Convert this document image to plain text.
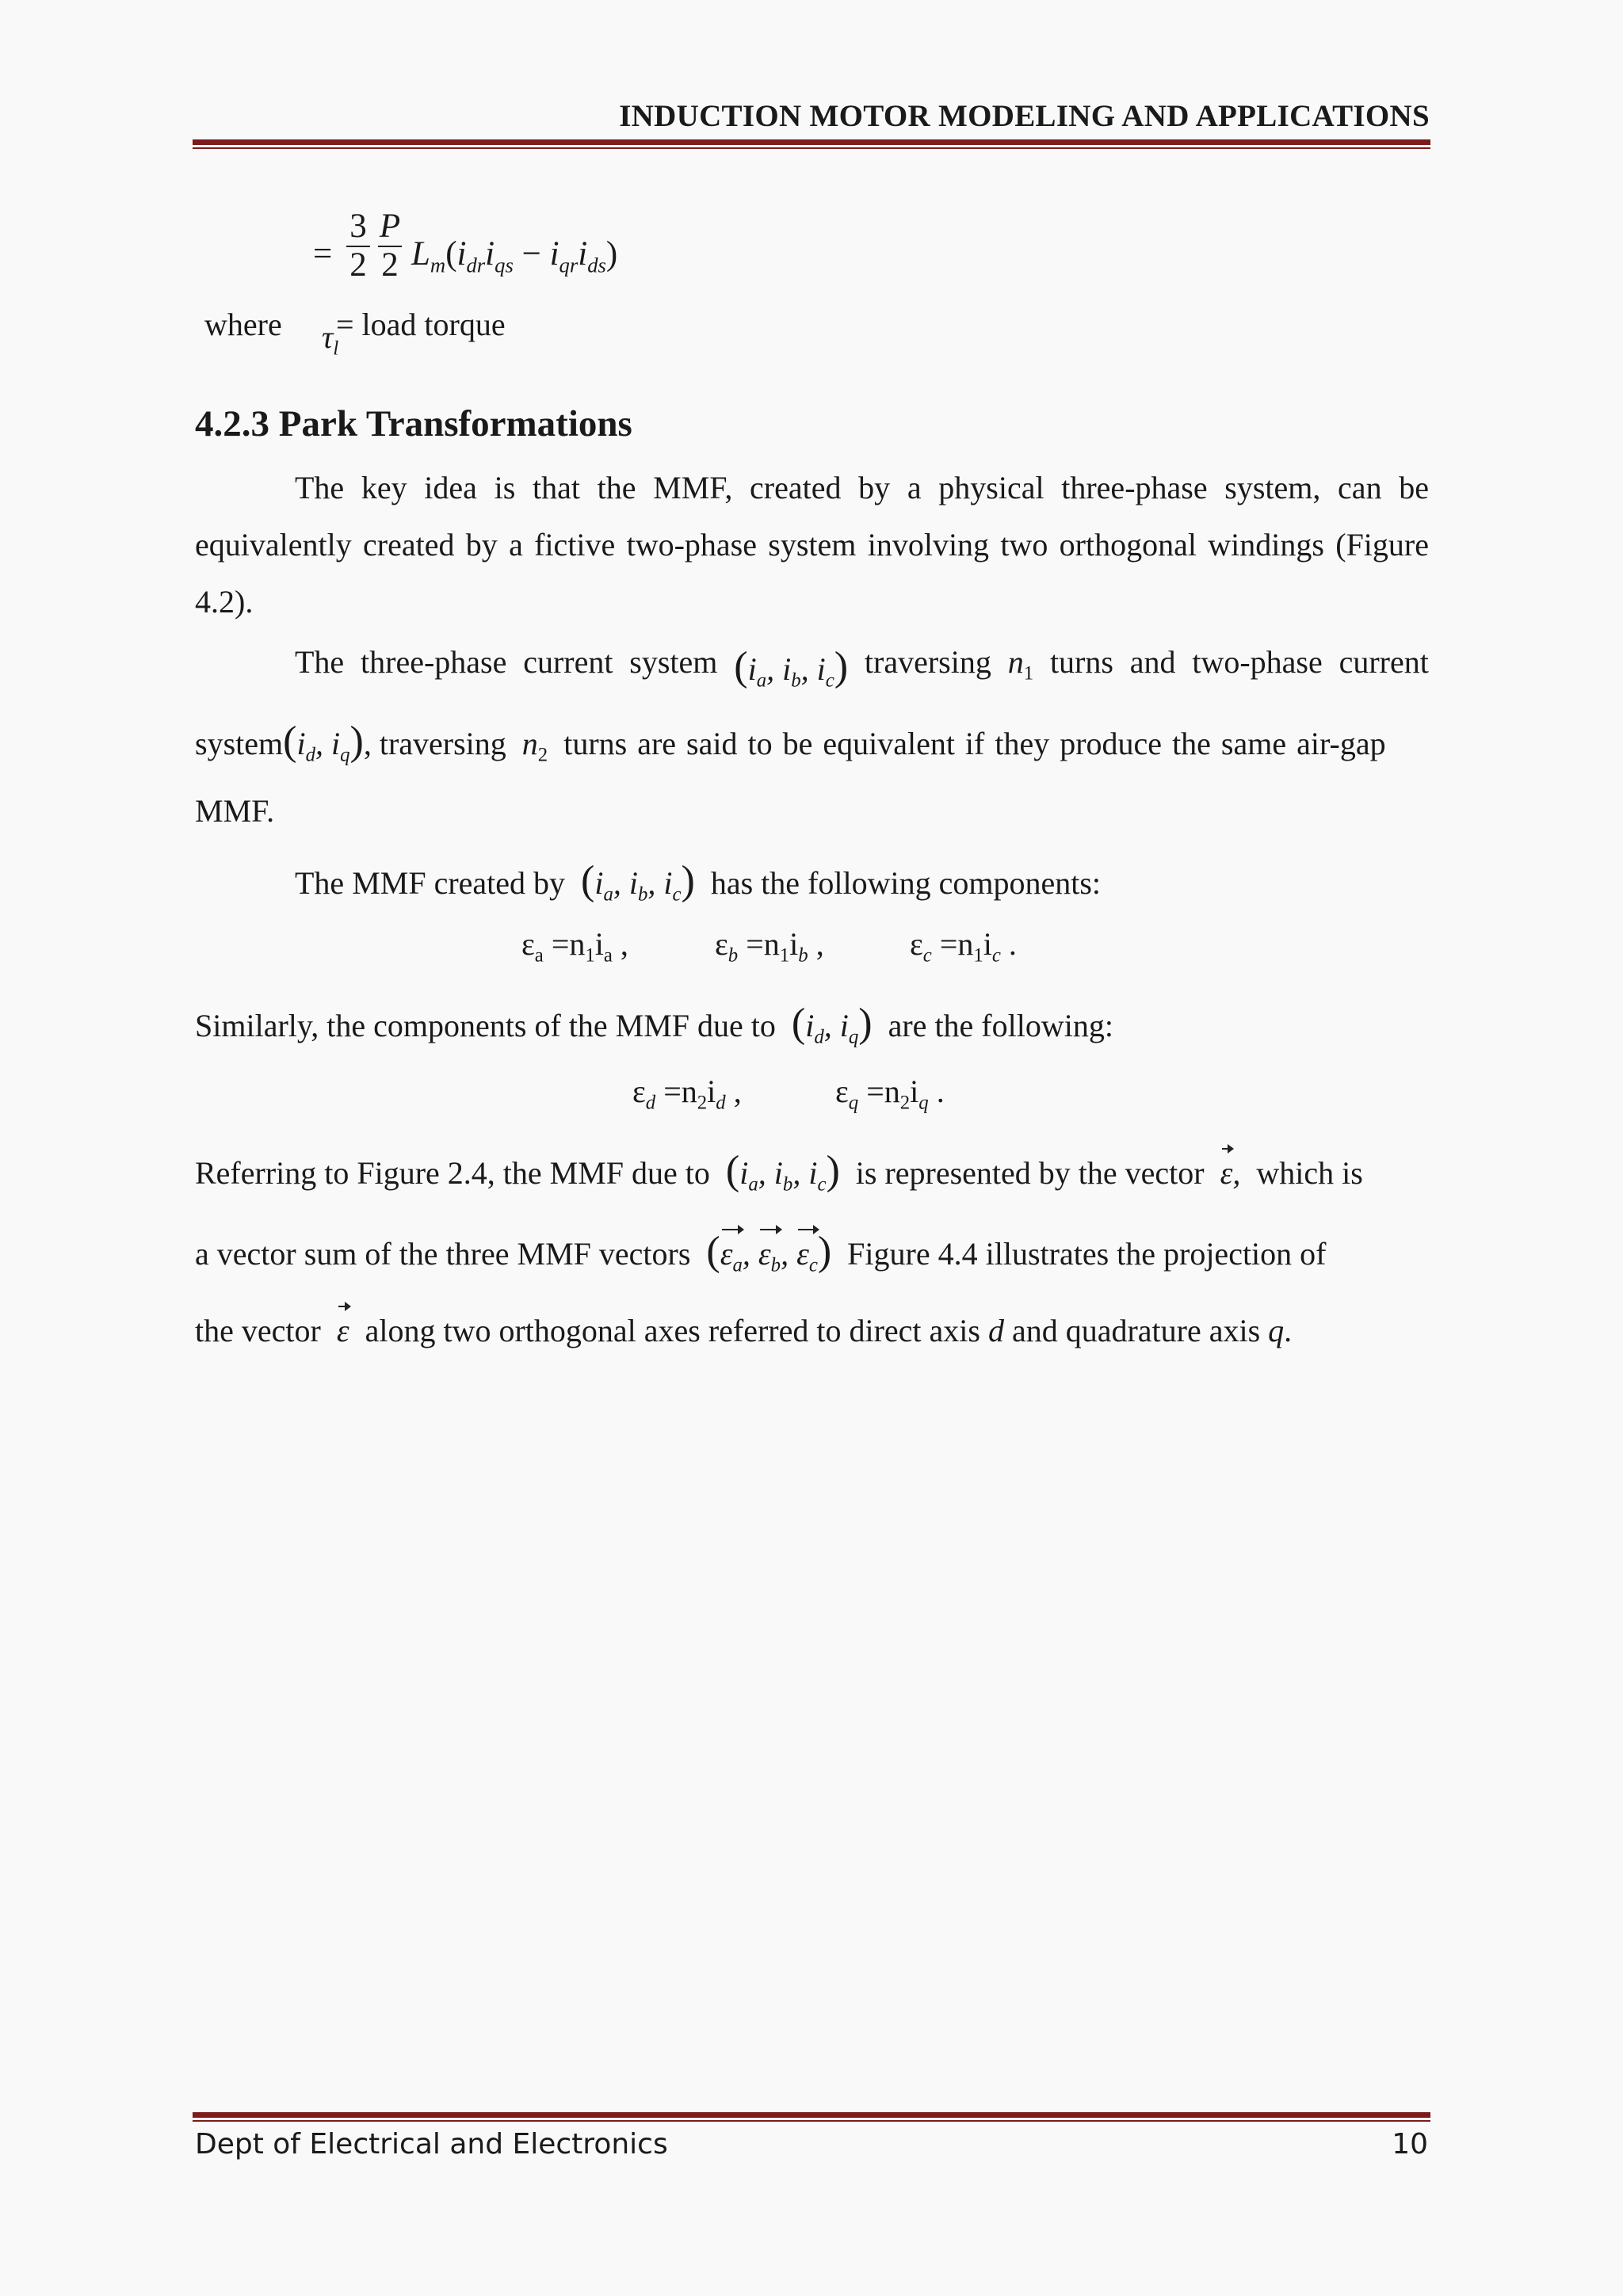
INDUCTION MOTOR MODELING AND APPLICATIONS
= $\frac{3}{2} \frac{P}{2} L_m(i_{dr}i_{qs} - i_{qr}i_{ds})$
where $\tau_l$
= load torque
4.2.3 Park Transformations
The key idea is that the MMF, created by a physical three-phase system, can be equivalently created by a fictive two-phase system involving two orthogonal windings (Figure 4.2).
The three-phase current system ($i_a$, $i_b$, $i_c$) traversing $n_1$ turns and two-phase current
$system(i_d$, $i_q$), traversing  $n_2$ turns are said to be equivalent if they produce the same air-gap
MMF.
The MMF created by ($i_a$, $i_b$, $i_c$) has the following components:
$\varepsilon_a =n_1i_a$ ,	$\varepsilon_b =n_1i_b$ ,	$\varepsilon_c =n_1i_c$ .
Similarly, the components of the MMF due to ($i_d$, $i_q$) are the following:
$\varepsilon_d =n_2i_d$ ,	$\varepsilon_q =n_2i_q$ .
Referring to Figure 2.4, the MMF due to ($i_a$, $i_b$, $i_c$) is represented by the vector ε,  which is
a vector sum of the three MMF vectors ($\varepsilon_a$, $\varepsilon_b$, $\varepsilon_c$) Figure 4.4 illustrates the projection of
the vector ε along two orthogonal axes referred to direct axis d and quadrature axis q.
Dept of Electrical and Electronics	10
